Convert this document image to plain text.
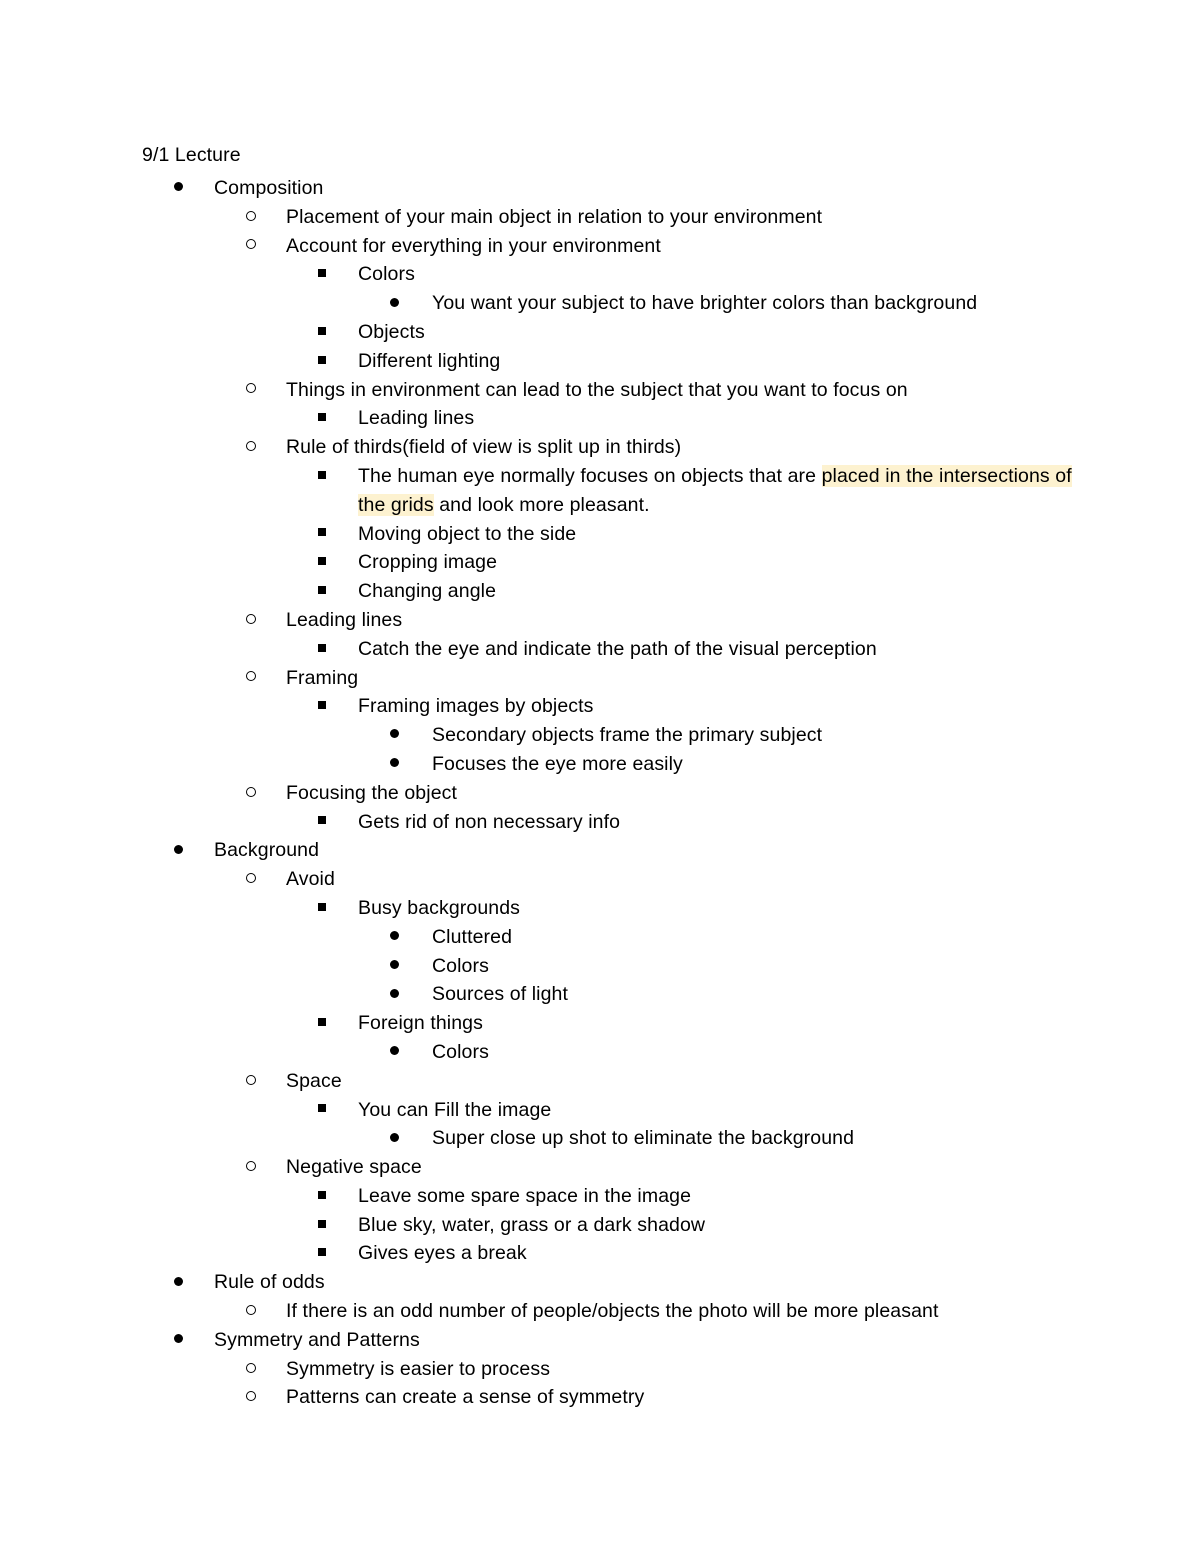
9/1 Lecture
Composition
Placement of your main object in relation to your environment
Account for everything in your environment
Colors
You want your subject to have brighter colors than background
Objects
Different lighting
Things in environment can lead to the subject that you want to focus on
Leading lines
Rule of thirds(field of view is split up in thirds)
The human eye normally focuses on objects that are placed in the intersections of the grids and look more pleasant.
Moving object to the side
Cropping image
Changing angle
Leading lines
Catch the eye and indicate the path of the visual perception
Framing
Framing images by objects
Secondary objects frame the primary subject
Focuses the eye more easily
Focusing the object
Gets rid of non necessary info
Background
Avoid
Busy backgrounds
Cluttered
Colors
Sources of light
Foreign things
Colors
Space
You can Fill the image
Super close up shot to eliminate the background
Negative space
Leave some spare space in the image
Blue sky, water, grass or a dark shadow
Gives eyes a break
Rule of odds
If there is an odd number of people/objects the photo will be more pleasant
Symmetry and Patterns
Symmetry is easier to process
Patterns can create a sense of symmetry
